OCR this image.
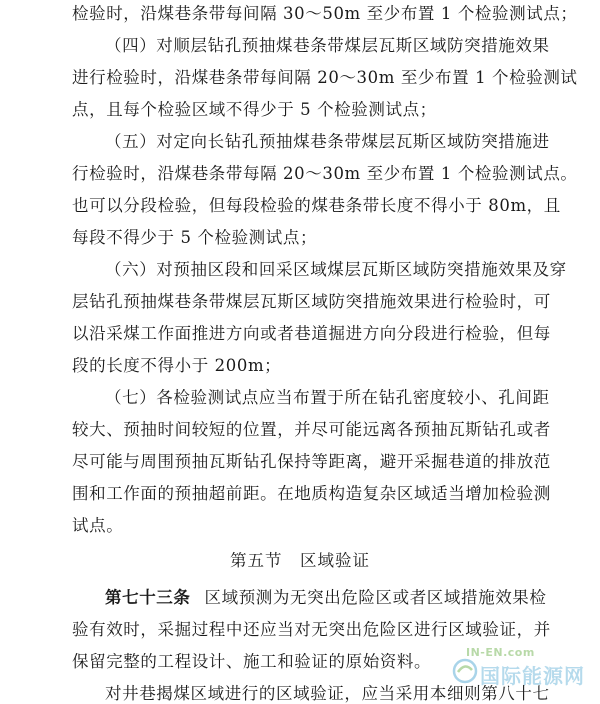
检验时，沿煤巷条带每间隔 30～50m 至少布置 1 个检验测试点；
（四）对顺层钻孔预抽煤巷条带煤层瓦斯区域防突措施效果
进行检验时，沿煤巷条带每间隔 20～30m 至少布置 1 个检验测试
点，且每个检验区域不得少于 5 个检验测试点；
（五）对定向长钻孔预抽煤巷条带煤层瓦斯区域防突措施进
行检验时，沿煤巷条带每隔 20～30m 至少布置 1 个检验测试点。
也可以分段检验，但每段检验的煤巷条带长度不得小于 80m，且
每段不得少于 5 个检验测试点；
（六）对预抽区段和回采区域煤层瓦斯区域防突措施效果及穿
层钻孔预抽煤巷条带煤层瓦斯区域防突措施效果进行检验时，可
以沿采煤工作面推进方向或者巷道掘进方向分段进行检验，但每
段的长度不得小于 200m；
（七）各检验测试点应当布置于所在钻孔密度较小、孔间距
较大、预抽时间较短的位置，并尽可能远离各预抽瓦斯钻孔或者
尽可能与周围预抽瓦斯钻孔保持等距离，避开采掘巷道的排放范
围和工作面的预抽超前距。在地质构造复杂区域适当增加检验测
试点。
第五节　区域验证
第七十三条 区域预测为无突出危险区或者区域措施效果检
验有效时，采掘过程中还应当对无突出危险区进行区域验证，并
保留完整的工程设计、施工和验证的原始资料。
对井巷揭煤区域进行的区域验证，应当采用本细则第八十七
IN-EN.com
国际能源网
